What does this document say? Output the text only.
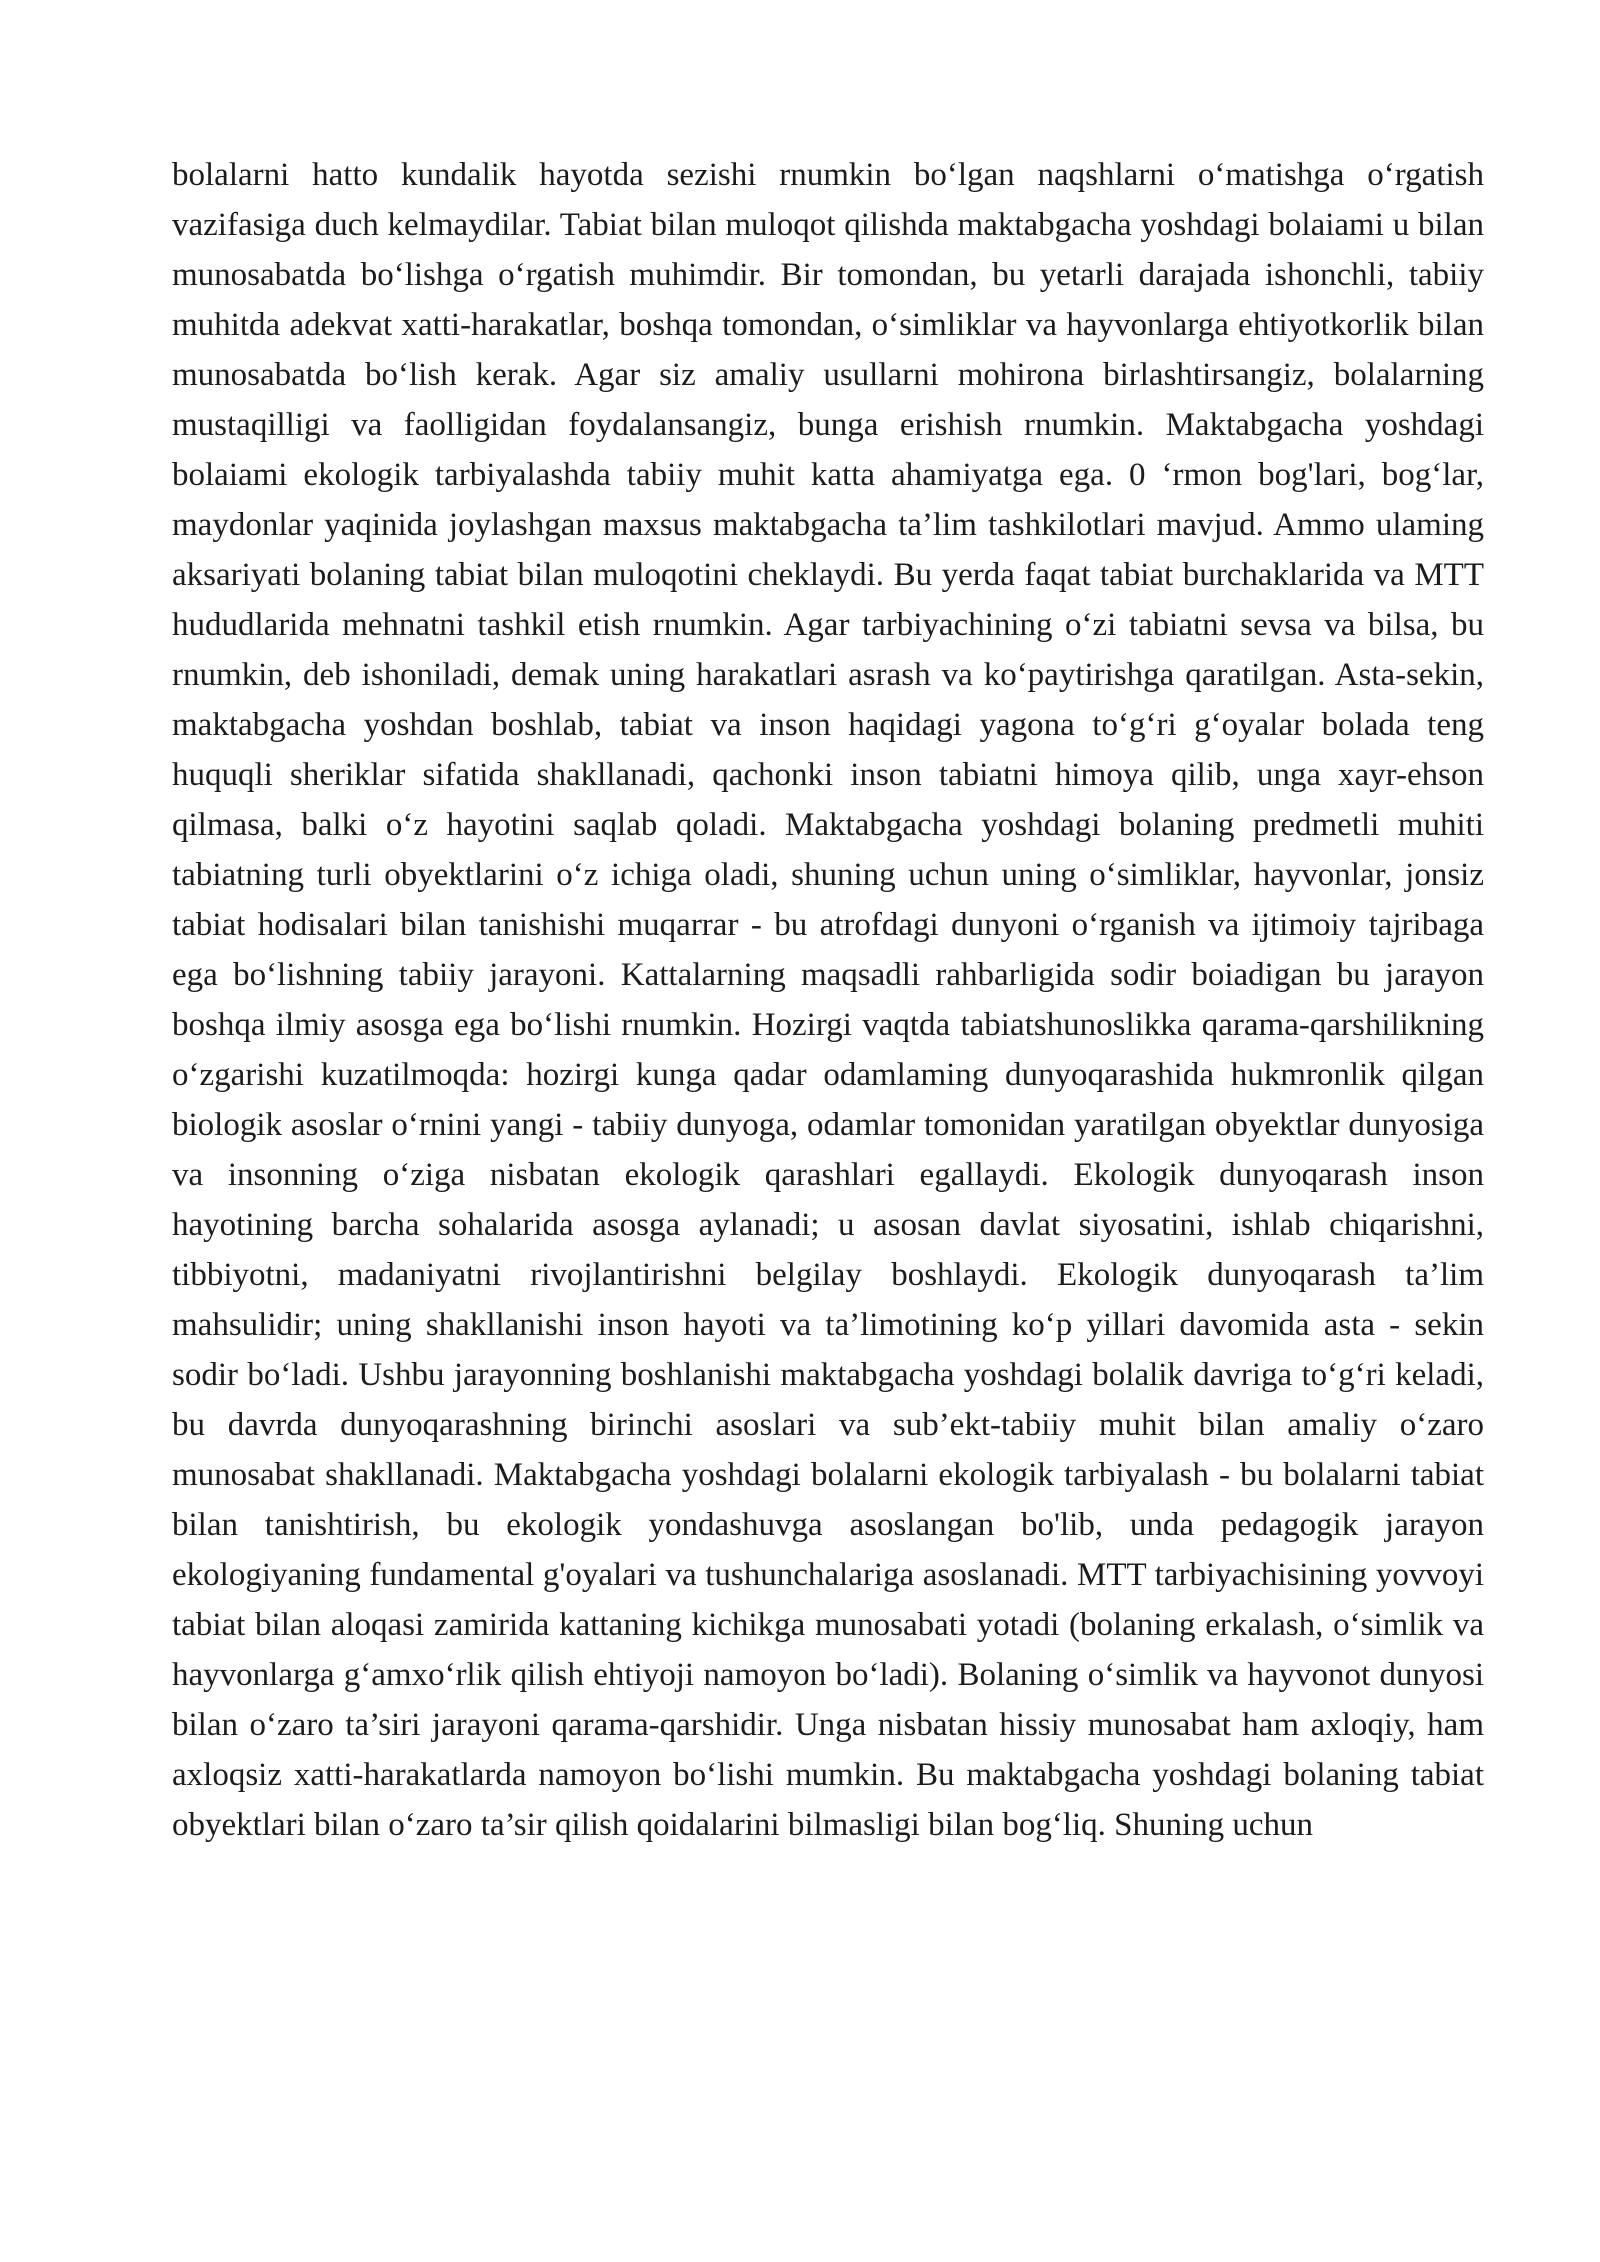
bolalarni hatto kundalik hayotda sezishi rnumkin bo‘lgan naqshlarni o‘matishga o‘rgatish vazifasiga duch kelmaydilar. Tabiat bilan muloqot qilishda maktabgacha yoshdagi bolaiami u bilan munosabatda bo‘lishga o‘rgatish muhimdir. Bir tomondan, bu yetarli darajada ishonchli, tabiiy muhitda adekvat xatti-harakatlar, boshqa tomondan, o‘simliklar va hayvonlarga ehtiyotkorlik bilan munosabatda bo‘lish kerak. Agar siz amaliy usullarni mohirona birlashtirsangiz, bolalarning mustaqilligi va faolligidan foydalansangiz, bunga erishish rnumkin. Maktabgacha yoshdagi bolaiami ekologik tarbiyalashda tabiiy muhit katta ahamiyatga ega. 0 ‘rmon bog'lari, bog‘lar, maydonlar yaqinida joylashgan maxsus maktabgacha ta’lim tashkilotlari mavjud. Ammo ulaming aksariyati bolaning tabiat bilan muloqotini cheklaydi. Bu yerda faqat tabiat burchaklarida va MTT hududlarida mehnatni tashkil etish rnumkin. Agar tarbiyachining o‘zi tabiatni sevsa va bilsa, bu rnumkin, deb ishoniladi, demak uning harakatlari asrash va ko‘paytirishga qaratilgan. Asta-sekin, maktabgacha yoshdan boshlab, tabiat va inson haqidagi yagona to‘g‘ri g‘oyalar bolada teng huquqli sheriklar sifatida shakllanadi, qachonki inson tabiatni himoya qilib, unga xayr-ehson qilmasa, balki o‘z hayotini saqlab qoladi. Maktabgacha yoshdagi bolaning predmetli muhiti tabiatning turli obyektlarini o‘z ichiga oladi, shuning uchun uning o‘simliklar, hayvonlar, jonsiz tabiat hodisalari bilan tanishishi muqarrar - bu atrofdagi dunyoni o‘rganish va ijtimoiy tajribaga ega bo‘lishning tabiiy jarayoni. Kattalarning maqsadli rahbarligida sodir boiadigan bu jarayon boshqa ilmiy asosga ega bo‘lishi rnumkin. Hozirgi vaqtda tabiatshunoslikka qarama-qarshilikning o‘zgarishi kuzatilmoqda: hozirgi kunga qadar odamlaming dunyoqarashida hukmronlik qilgan biologik asoslar o‘rnini yangi - tabiiy dunyoga, odamlar tomonidan yaratilgan obyektlar dunyosiga va insonning o‘ziga nisbatan ekologik qarashlari egallaydi. Ekologik dunyoqarash inson hayotining barcha sohalarida asosga aylanadi; u asosan davlat siyosatini, ishlab chiqarishni, tibbiyotni, madaniyatni rivojlantirishni belgilay boshlaydi. Ekologik dunyoqarash ta’lim mahsulidir; uning shakllanishi inson hayoti va ta’limotining ko‘p yillari davomida asta - sekin sodir bo‘ladi. Ushbu jarayonning boshlanishi maktabgacha yoshdagi bolalik davriga to‘g‘ri keladi, bu davrda dunyoqarashning birinchi asoslari va sub’ekt-tabiiy muhit bilan amaliy o‘zaro munosabat shakllanadi. Maktabgacha yoshdagi bolalarni ekologik tarbiyalash - bu bolalarni tabiat bilan tanishtirish, bu ekologik yondashuvga asoslangan bo'lib, unda pedagogik jarayon ekologiyaning fundamental g'oyalari va tushunchalariga asoslanadi. MTT tarbiyachisining yovvoyi tabiat bilan aloqasi zamirida kattaning kichikga munosabati yotadi (bolaning erkalash, o‘simlik va hayvonlarga g‘amxo‘rlik qilish ehtiyoji namoyon bo‘ladi). Bolaning o‘simlik va hayvonot dunyosi bilan o‘zaro ta’siri jarayoni qarama-qarshidir. Unga nisbatan hissiy munosabat ham axloqiy, ham axloqsiz xatti-harakatlarda namoyon bo‘lishi mumkin. Bu maktabgacha yoshdagi bolaning tabiat obyektlari bilan o‘zaro ta’sir qilish qoidalarini bilmasligi bilan bog‘liq. Shuning uchun
